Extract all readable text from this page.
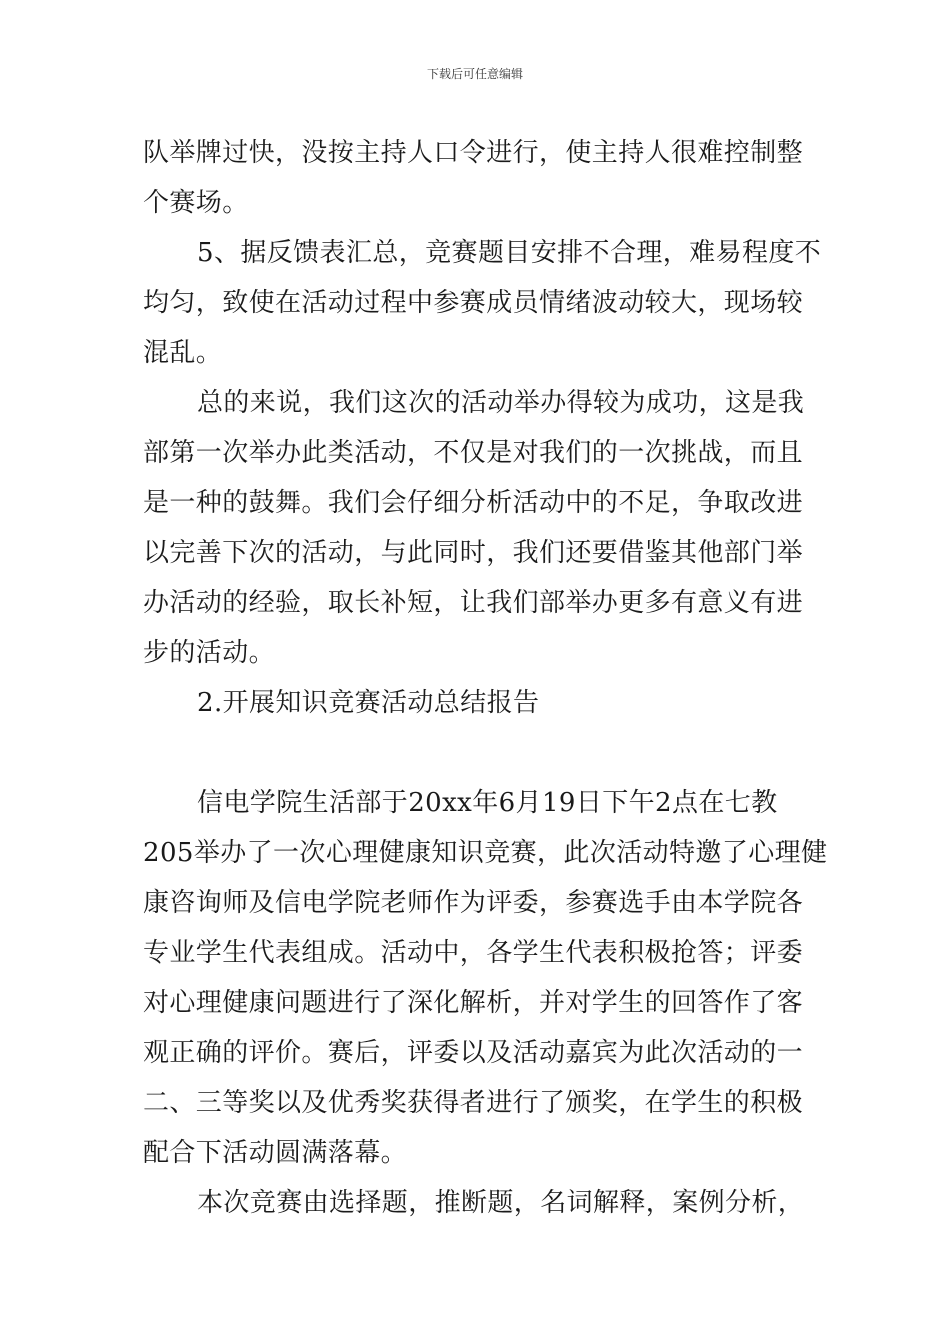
下载后可任意编辑
队举牌过快，没按主持人口令进行，使主持人很难控制整
个赛场。
5、据反馈表汇总，竞赛题目安排不合理，难易程度不
均匀，致使在活动过程中参赛成员情绪波动较大，现场较
混乱。
总的来说，我们这次的活动举办得较为成功，这是我
部第一次举办此类活动，不仅是对我们的一次挑战，而且
是一种的鼓舞。我们会仔细分析活动中的不足，争取改进
以完善下次的活动，与此同时，我们还要借鉴其他部门举
办活动的经验，取长补短，让我们部举办更多有意义有进
步的活动。
2.开展知识竞赛活动总结报告
信电学院生活部于20xx年6月19日下午2点在七教
205举办了一次心理健康知识竞赛，此次活动特邀了心理健
康咨询师及信电学院老师作为评委，参赛选手由本学院各
专业学生代表组成。活动中，各学生代表积极抢答；评委
对心理健康问题进行了深化解析，并对学生的回答作了客
观正确的评价。赛后，评委以及活动嘉宾为此次活动的一
二、三等奖以及优秀奖获得者进行了颁奖，在学生的积极
配合下活动圆满落幕。
本次竞赛由选择题，推断题，名词解释，案例分析，
